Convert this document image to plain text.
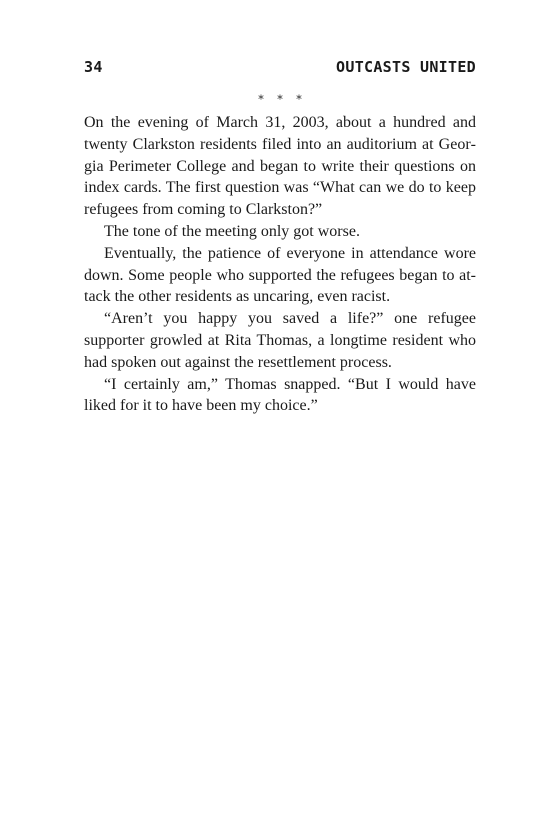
34	OUTCASTS UNITED
* * *

On the evening of March 31, 2003, about a hundred and twenty Clarkston residents filed into an auditorium at Georgia Perimeter College and began to write their questions on index cards. The first question was “What can we do to keep refugees from coming to Clarkston?”

The tone of the meeting only got worse.

Eventually, the patience of everyone in attendance wore down. Some people who supported the refugees began to attack the other residents as uncaring, even racist.

“Aren’t you happy you saved a life?” one refugee supporter growled at Rita Thomas, a longtime resident who had spoken out against the resettlement process.

“I certainly am,” Thomas snapped. “But I would have liked for it to have been my choice.”
